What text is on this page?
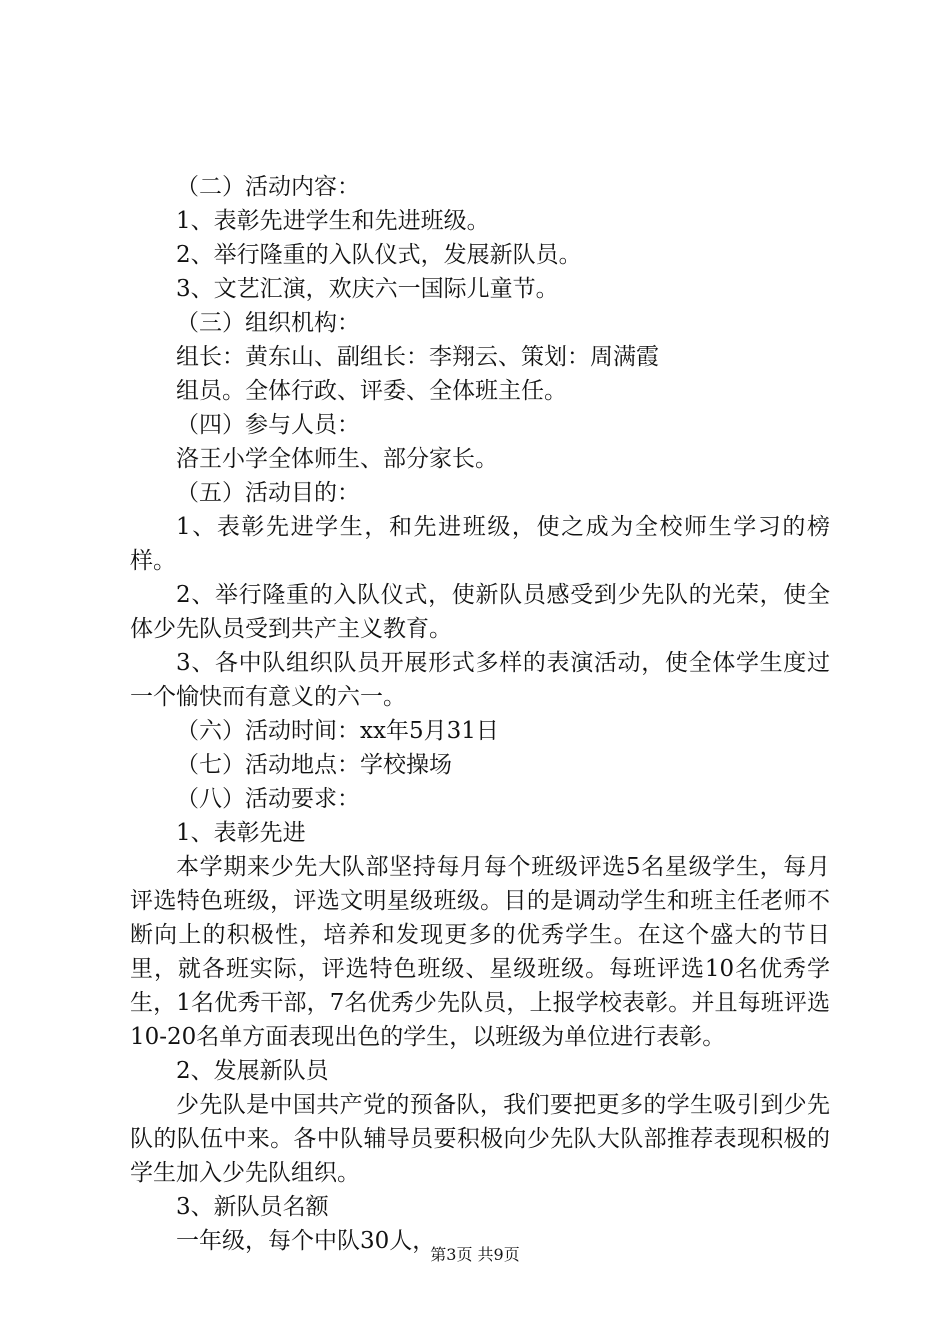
（二）活动内容：

1、表彰先进学生和先进班级。

2、举行隆重的入队仪式，发展新队员。

3、文艺汇演，欢庆六一国际儿童节。

（三）组织机构：

组长：黄东山、副组长：李翔云、策划：周满霞

组员。全体行政、评委、全体班主任。

（四）参与人员：

洛王小学全体师生、部分家长。

（五）活动目的：

1、表彰先进学生，和先进班级，使之成为全校师生学习的榜样。

2、举行隆重的入队仪式，使新队员感受到少先队的光荣，使全体少先队员受到共产主义教育。

3、各中队组织队员开展形式多样的表演活动，使全体学生度过一个愉快而有意义的六一。

（六）活动时间：xx年5月31日

（七）活动地点：学校操场

（八）活动要求：

1、表彰先进

本学期来少先大队部坚持每月每个班级评选5名星级学生，每月评选特色班级，评选文明星级班级。目的是调动学生和班主任老师不断向上的积极性，培养和发现更多的优秀学生。在这个盛大的节日里，就各班实际，评选特色班级、星级班级。每班评选10名优秀学生，1名优秀干部，7名优秀少先队员，上报学校表彰。并且每班评选10-20名单方面表现出色的学生，以班级为单位进行表彰。

2、发展新队员

少先队是中国共产党的预备队，我们要把更多的学生吸引到少先队的队伍中来。各中队辅导员要积极向少先队大队部推荐表现积极的学生加入少先队组织。

3、新队员名额

一年级，每个中队30人，

第3页 共9页
